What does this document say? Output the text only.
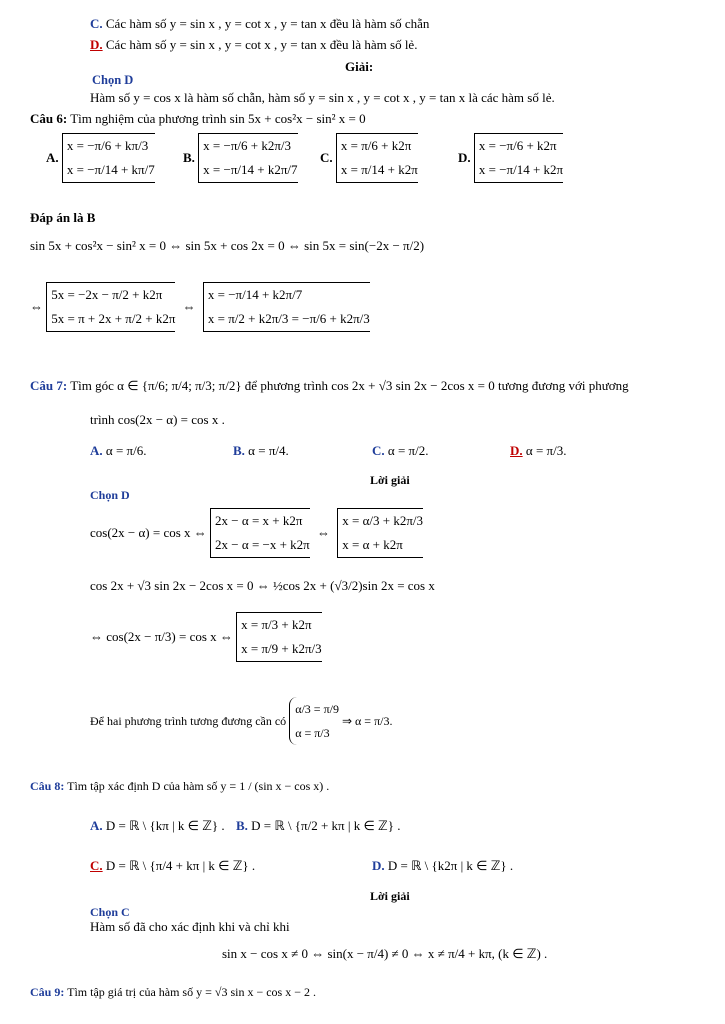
C. Các hàm số y = sin x , y = cot x , y = tan x đều là hàm số chẵn
D. Các hàm số y = sin x , y = cot x , y = tan x đều là hàm số lẻ.
Giải:
Chọn D
Hàm số y = cos x là hàm số chẵn, hàm số y = sin x , y = cot x , y = tan x là các hàm số lẻ.
Câu 6: Tìm nghiệm của phương trình sin 5x + cos²x − sin² x = 0
A.
x = −π/6 + kπ/3
x = −π/14 + kπ/7
B.
x = −π/6 + k2π/3
x = −π/14 + k2π/7
C.
x = π/6 + k2π
x = π/14 + k2π
D.
x = −π/6 + k2π
x = −π/14 + k2π
Đáp án là B
sin 5x + cos²x − sin² x = 0 ⇔ sin 5x + cos 2x = 0 ⇔ sin 5x = sin(−2x − π/2)
⇔
5x = −2x − π/2 + k2π
5x = π + 2x + π/2 + k2π
⇔
x = −π/14 + k2π/7
x = π/2 + k2π/3 = −π/6 + k2π/3
Câu 7: Tìm góc α ∈ {π/6; π/4; π/3; π/2} để phương trình cos 2x + √3 sin 2x − 2cos x = 0 tương đương với phương
trình cos(2x − α) = cos x .
A. α = π/6.	B. α = π/4.	C. α = π/2.	D. α = π/3.
Lời giải
Chọn D
cos(2x − α) = cos x ⇔
2x − α = x + k2π
2x − α = −x + k2π
⇔
x = α/3 + k2π/3
x = α + k2π
cos 2x + √3 sin 2x − 2cos x = 0 ⇔ ½cos 2x + (√3/2)sin 2x = cos x
⇔ cos(2x − π/3) = cos x ⇔
x = π/3 + k2π
x = π/9 + k2π/3
Để hai phương trình tương đương cần có
α/3 = π/9
α = π/3
⇒ α = π/3.
Câu 8: Tìm tập xác định D của hàm số y = 1 / (sin x − cos x) .
A. D = ℝ \ {kπ | k ∈ ℤ} . B. D = ℝ \ {π/2 + kπ | k ∈ ℤ} .
C. D = ℝ \ {π/4 + kπ | k ∈ ℤ} .	D. D = ℝ \ {k2π | k ∈ ℤ} .
Lời giải
Chọn C
Hàm số đã cho xác định khi và chỉ khi
sin x − cos x ≠ 0 ⇔ sin(x − π/4) ≠ 0 ⇔ x ≠ π/4 + kπ, (k ∈ ℤ) .
Câu 9: Tìm tập giá trị của hàm số y = √3 sin x − cos x − 2 .
